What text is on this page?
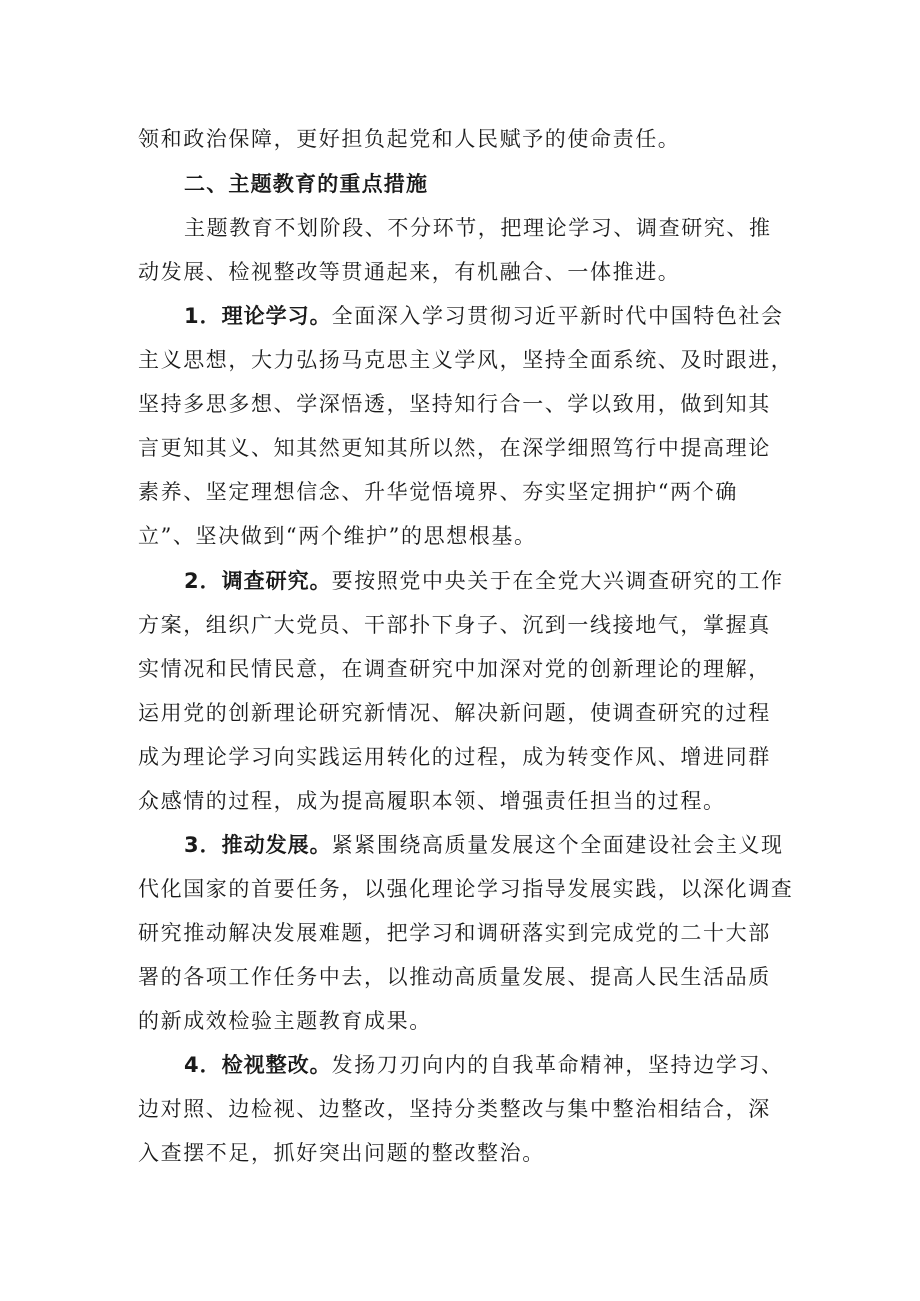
领和政治保障，更好担负起党和人民赋予的使命责任。
二、主题教育的重点措施
主题教育不划阶段、不分环节，把理论学习、调查研究、推
动发展、检视整改等贯通起来，有机融合、一体推进。
1．理论学习。全面深入学习贯彻习近平新时代中国特色社会
主义思想，大力弘扬马克思主义学风，坚持全面系统、及时跟进，
坚持多思多想、学深悟透，坚持知行合一、学以致用，做到知其
言更知其义、知其然更知其所以然，在深学细照笃行中提高理论
素养、坚定理想信念、升华觉悟境界、夯实坚定拥护“两个确
立”、坚决做到“两个维护”的思想根基。
2．调查研究。要按照党中央关于在全党大兴调查研究的工作
方案，组织广大党员、干部扑下身子、沉到一线接地气，掌握真
实情况和民情民意，在调查研究中加深对党的创新理论的理解，
运用党的创新理论研究新情况、解决新问题，使调查研究的过程
成为理论学习向实践运用转化的过程，成为转变作风、增进同群
众感情的过程，成为提高履职本领、增强责任担当的过程。
3．推动发展。紧紧围绕高质量发展这个全面建设社会主义现
代化国家的首要任务，以强化理论学习指导发展实践，以深化调查
研究推动解决发展难题，把学习和调研落实到完成党的二十大部
署的各项工作任务中去，以推动高质量发展、提高人民生活品质
的新成效检验主题教育成果。
4．检视整改。发扬刀刃向内的自我革命精神，坚持边学习、
边对照、边检视、边整改，坚持分类整改与集中整治相结合，深
入查摆不足，抓好突出问题的整改整治。
